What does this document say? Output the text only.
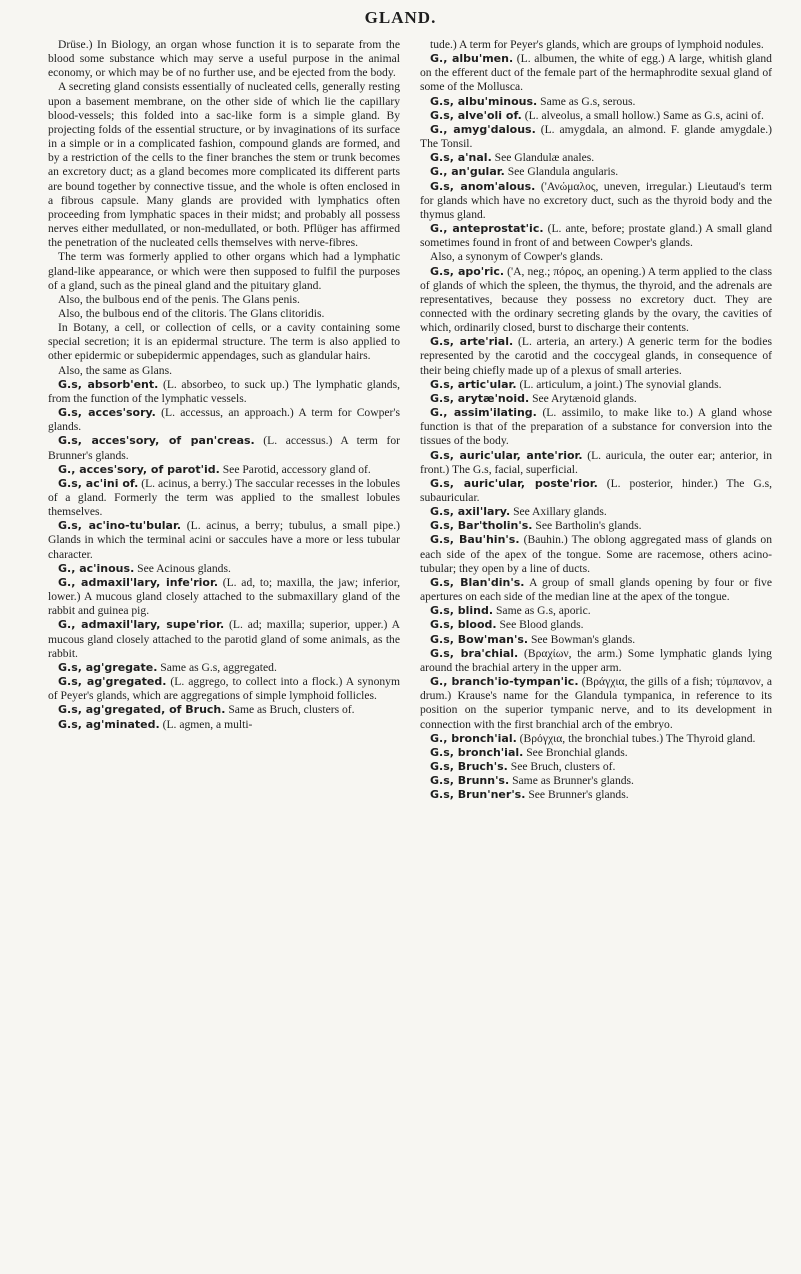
GLAND.

Drüse.) In Biology, an organ whose function it is to separate from the blood some substance which may serve a useful purpose in the animal economy, or which may be of no further use, and be ejected from the body.

A secreting gland consists essentially of nucleated cells, generally resting upon a basement membrane, on the other side of which lie the capillary blood-vessels; this folded into a sac-like form is a simple gland. By projecting folds of the essential structure, or by invaginations of its surface in a simple or in a complicated fashion, compound glands are formed, and by a restriction of the cells to the finer branches the stem or trunk becomes an excretory duct; as a gland becomes more complicated its different parts are bound together by connective tissue, and the whole is often enclosed in a fibrous capsule. Many glands are provided with lymphatics often proceeding from lymphatic spaces in their midst; and probably all possess nerves either medullated, or non-medullated, or both. Pflüger has affirmed the penetration of the nucleated cells themselves with nerve-fibres.

The term was formerly applied to other organs which had a lymphatic gland-like appearance, or which were then supposed to fulfil the purposes of a gland, such as the pineal gland and the pituitary gland.

Also, the bulbous end of the penis. The Glans penis.

Also, the bulbous end of the clitoris. The Glans clitoridis.

In Botany, a cell, or collection of cells, or a cavity containing some special secretion; it is an epidermal structure. The term is also applied to other epidermic or subepidermic appendages, such as glandular hairs.

Also, the same as Glans.

G.s, absorb'ent. (L. absorbeo, to suck up.) The lymphatic glands, from the function of the lymphatic vessels.

G.s, acces'sory. (L. accessus, an approach.) A term for Cowper's glands.

G.s, acces'sory, of pan'creas. (L. accessus.) A term for Brunner's glands.

G., acces'sory, of parot'id. See Parotid, accessory gland of.

G.s, ac'ini of. (L. acinus, a berry.) The saccular recesses in the lobules of a gland. Formerly the term was applied to the smallest lobules themselves.

G.s, ac'ino-tu'bular. (L. acinus, a berry; tubulus, a small pipe.) Glands in which the terminal acini or saccules have a more or less tubular character.

G., ac'inous. See Acinous glands.

G., admaxil'lary, infe'rior. (L. ad, to; maxilla, the jaw; inferior, lower.) A mucous gland closely attached to the submaxillary gland of the rabbit and guinea pig.

G., admaxil'lary, supe'rior. (L. ad; maxilla; superior, upper.) A mucous gland closely attached to the parotid gland of some animals, as the rabbit.

G.s, ag'gregate. Same as G.s, aggregated.

G.s, ag'gregated. (L. aggrego, to collect into a flock.) A synonym of Peyer's glands, which are aggregations of simple lymphoid follicles.

G.s, ag'gregated, of Bruch. Same as Bruch, clusters of.

G.s, ag'minated. (L. agmen, a multi-

tude.) A term for Peyer's glands, which are groups of lymphoid nodules.

G., albu'men. (L. albumen, the white of egg.) A large, whitish gland on the efferent duct of the female part of the hermaphrodite sexual gland of some of the Mollusca.

G.s, albu'minous. Same as G.s, serous.

G.s, alve'oli of. (L. alveolus, a small hollow.) Same as G.s, acini of.

G., amyg'dalous. (L. amygdala, an almond. F. glande amygdale.) The Tonsil.

G.s, a'nal. See Glandulæ anales.

G., an'gular. See Glandula angularis.

G.s, anom'alous. ('Ανώμαλος, uneven, irregular.) Lieutaud's term for glands which have no excretory duct, such as the thyroid body and the thymus gland.

G., anteprostat'ic. (L. ante, before; prostate gland.) A small gland sometimes found in front of and between Cowper's glands.

Also, a synonym of Cowper's glands.

G.s, apo'ric. ('A, neg.; πόρος, an opening.) A term applied to the class of glands of which the spleen, the thymus, the thyroid, and the adrenals are representatives, because they possess no excretory duct. They are connected with the ordinary secreting glands by the ovary, the cavities of which, ordinarily closed, burst to discharge their contents.

G.s, arte'rial. (L. arteria, an artery.) A generic term for the bodies represented by the carotid and the coccygeal glands, in consequence of their being chiefly made up of a plexus of small arteries.

G.s, artic'ular. (L. articulum, a joint.) The synovial glands.

G.s, arytæ'noid. See Arytænoid glands.

G., assim'ilating. (L. assimilo, to make like to.) A gland whose function is that of the preparation of a substance for conversion into the tissues of the body.

G.s, auric'ular, ante'rior. (L. auricula, the outer ear; anterior, in front.) The G.s, facial, superficial.

G.s, auric'ular, poste'rior. (L. posterior, hinder.) The G.s, subauricular.

G.s, axil'lary. See Axillary glands.

G.s, Bar'tholin's. See Bartholin's glands.

G.s, Bau'hin's. (Bauhin.) The oblong aggregated mass of glands on each side of the apex of the tongue. Some are racemose, others acino-tubular; they open by a line of ducts.

G.s, Blan'din's. A group of small glands opening by four or five apertures on each side of the median line at the apex of the tongue.

G.s, blind. Same as G.s, aporic.

G.s, blood. See Blood glands.

G.s, Bow'man's. See Bowman's glands.

G.s, bra'chial. (Βραχίων, the arm.) Some lymphatic glands lying around the brachial artery in the upper arm.

G., branch'io-tympan'ic. (Βράγχια, the gills of a fish; τύμπανον, a drum.) Krause's name for the Glandula tympanica, in reference to its position on the superior tympanic nerve, and to its development in connection with the first branchial arch of the embryo.

G., bronch'ial. (Βρόγχια, the bronchial tubes.) The Thyroid gland.

G.s, bronch'ial. See Bronchial glands.

G.s, Bruch's. See Bruch, clusters of.

G.s, Brunn's. Same as Brunner's glands.

G.s, Brun'ner's. See Brunner's glands.
